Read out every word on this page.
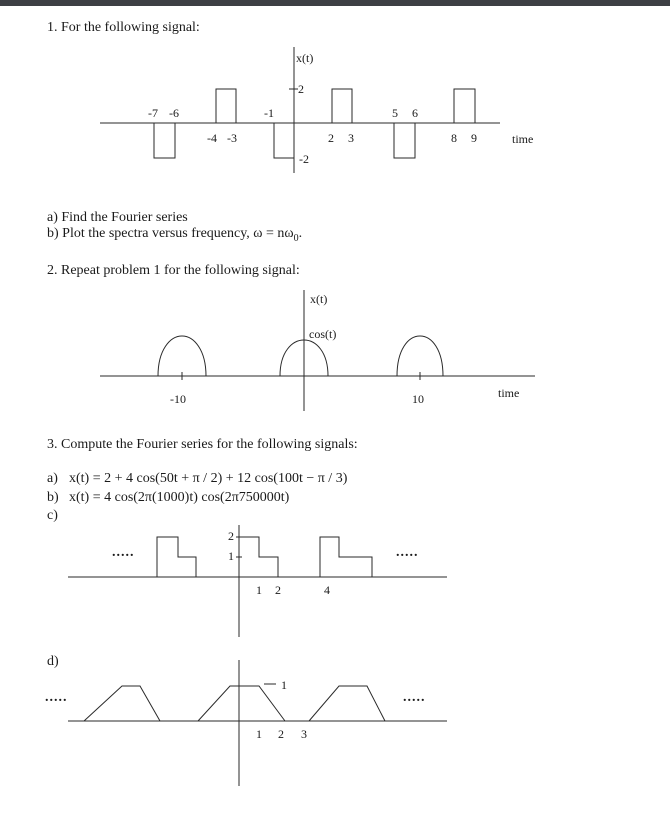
1. For the following signal:
x(t)
2
-2
-7 -6	-1	5 6
-4 -3	2 3	8 9	time
a) Find the Fourier series
b) Plot the spectra versus frequency, $\omega = n\omega_0$.
2. Repeat problem 1 for the following signal:
x(t)
cos(t)
-10	10	time
3. Compute the Fourier series for the following signals:
a) x(t) = 2 + 4 cos(50t + π / 2) + 12 cos(100t − π / 3)
b) x(t) = 4 cos(2π(1000)t) cos(2π750000t)
c)
2
1
1 2	4
.....	.....
d)
1
1 2 3
.....	.....
